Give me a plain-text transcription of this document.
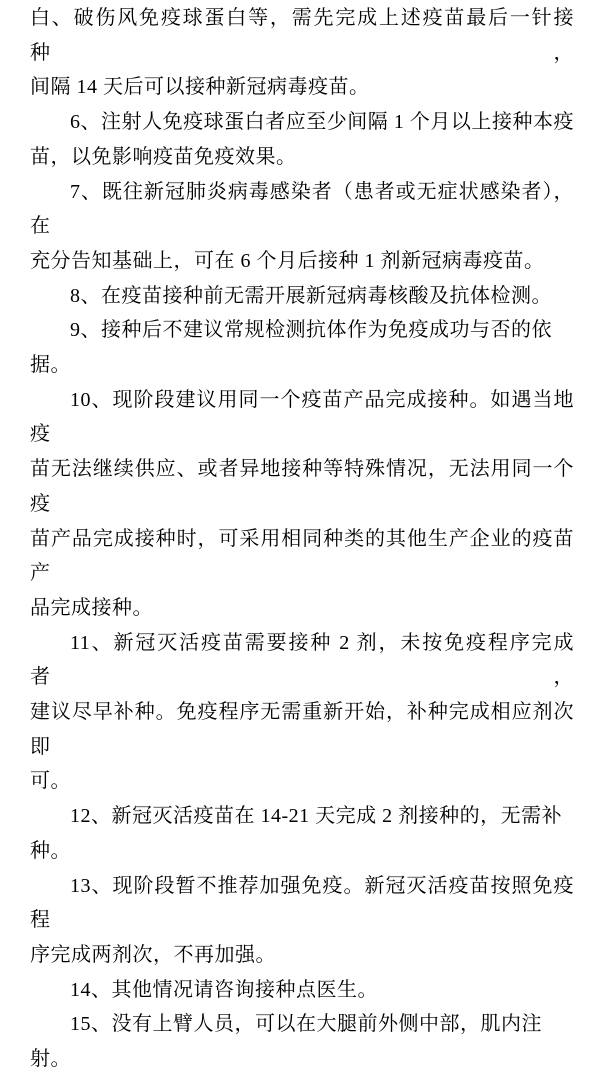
白、破伤风免疫球蛋白等，需先完成上述疫苗最后一针接种，
间隔 14 天后可以接种新冠病毒疫苗。
6、注射人免疫球蛋白者应至少间隔 1 个月以上接种本疫
苗，以免影响疫苗免疫效果。
7、既往新冠肺炎病毒感染者（患者或无症状感染者），在
充分告知基础上，可在 6 个月后接种 1 剂新冠病毒疫苗。
8、在疫苗接种前无需开展新冠病毒核酸及抗体检测。
9、接种后不建议常规检测抗体作为免疫成功与否的依据。
10、现阶段建议用同一个疫苗产品完成接种。如遇当地疫
苗无法继续供应、或者异地接种等特殊情况，无法用同一个疫
苗产品完成接种时，可采用相同种类的其他生产企业的疫苗产
品完成接种。
11、新冠灭活疫苗需要接种 2 剂，未按免疫程序完成者，
建议尽早补种。免疫程序无需重新开始，补种完成相应剂次即
可。
12、新冠灭活疫苗在 14-21 天完成 2 剂接种的，无需补种。
13、现阶段暂不推荐加强免疫。新冠灭活疫苗按照免疫程
序完成两剂次，不再加强。
14、其他情况请咨询接种点医生。
15、没有上臂人员，可以在大腿前外侧中部，肌内注射。
